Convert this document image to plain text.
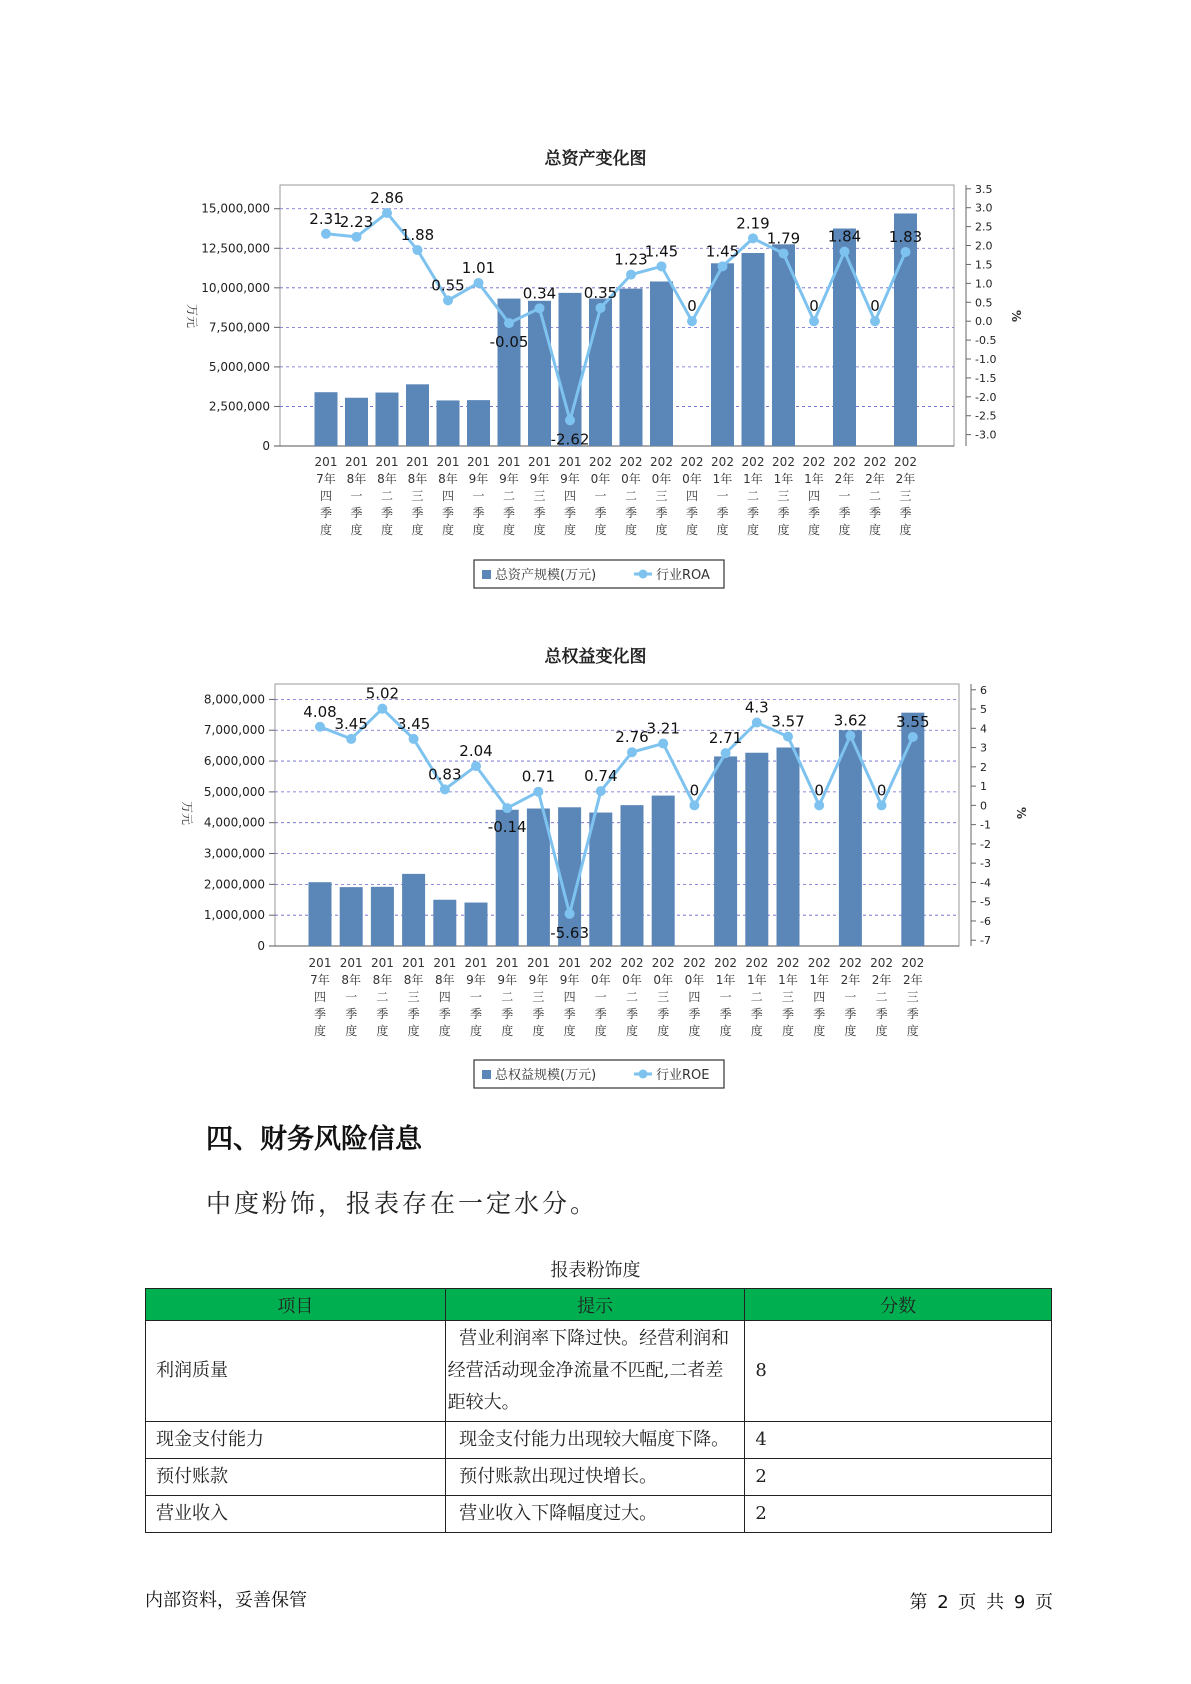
总资产变化图
0
2,500,000
5,000,000
7,500,000
10,000,000
12,500,000
15,000,000
3.5
3.0
2.5
2.0
1.5
1.0
0.5
0.0
-0.5
-1.0
-1.5
-2.0
-2.5
-3.0
万元	%
2.31
2.23
2.86
1.88
0.55
1.01
-0.05
0.34
-2.62
0.35
1.23
1.45
0
1.45
2.19
1.79
0
1.84
0
1.83
201 7年四季度
201 8年一季度
201 8年二季度
201 8年三季度
201 8年四季度
201 9年一季度
201 9年二季度
201 9年三季度
201 9年四季度
202 0年一季度
202 0年二季度
202 0年三季度
202 0年四季度
202 1年一季度
202 1年二季度
202 1年三季度
202 1年四季度
202 2年一季度
202 2年二季度
202 2年三季度
总资产规模(万元)	行业ROA
总权益变化图
0
1,000,000
2,000,000
3,000,000
4,000,000
5,000,000
6,000,000
7,000,000
8,000,000
6
5
4
3
2
1
0
-1
-2
-3
-4
-5
-6
-7
万元	%
4.08
3.45
5.02
3.45
0.83
2.04
-0.14
0.71
-5.63
0.74
2.76
3.21
0
2.71
4.3
3.57
0
3.62
0
3.55
201 7年四季度
201 8年一季度
201 8年二季度
201 8年三季度
201 8年四季度
201 9年一季度
201 9年二季度
201 9年三季度
201 9年四季度
202 0年一季度
202 0年二季度
202 0年三季度
202 0年四季度
202 1年一季度
202 1年二季度
202 1年三季度
202 1年四季度
202 2年一季度
202 2年二季度
202 2年三季度
总权益规模(万元)	行业ROE
四、财务风险信息
中度粉饰，报表存在一定水分。
报表粉饰度
项目	提示	分数
利润质量	营业利润率下降过快。经营利润和经营活动现金净流量不匹配,二者差距较大。	8
现金支付能力	现金支付能力出现较大幅度下降。	4
预付账款	预付账款出现过快增长。	2
营业收入	营业收入下降幅度过大。	2
内部资料，妥善保管	第 2 页 共 9 页
